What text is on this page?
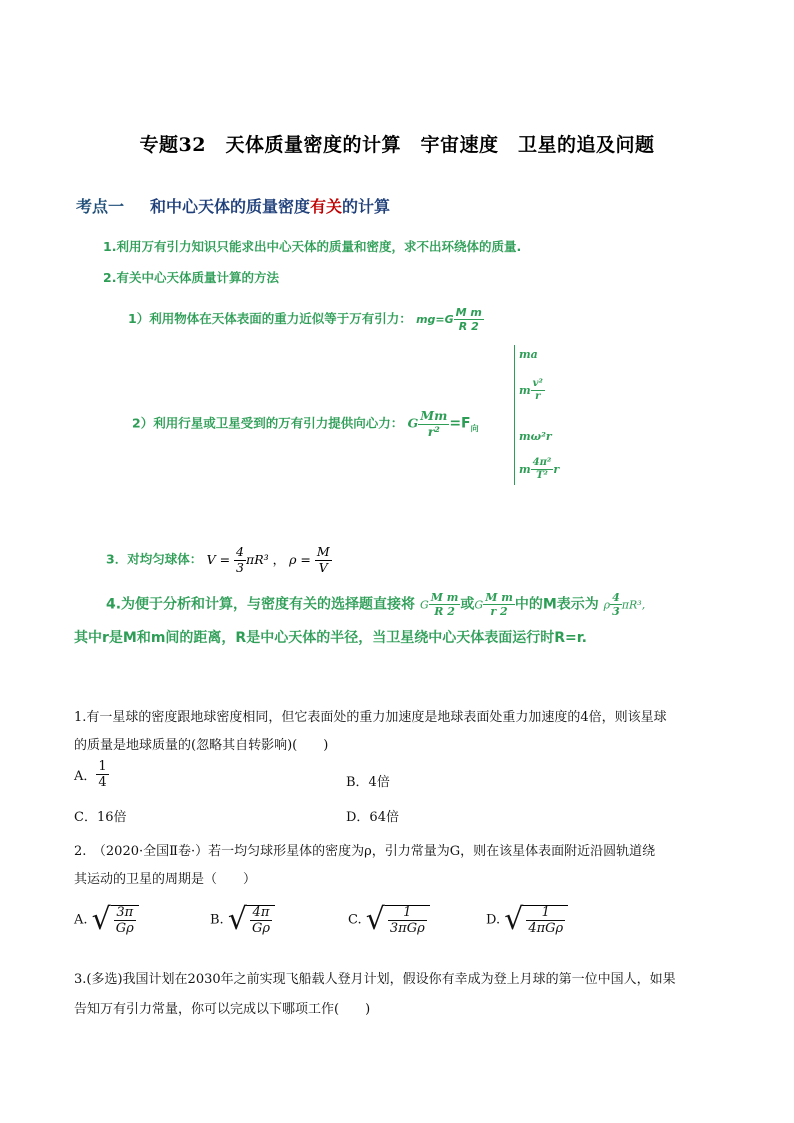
专题32　天体质量密度的计算　宇宙速度　卫星的追及问题
考点一 和中心天体的质量密度有关的计算
1.利用万有引力知识只能求出中心天体的质量和密度，求不出环绕体的质量.
2.有关中心天体质量计算的方法
1）利用物体在天体表面的重力近似等于万有引力： $mg=G \frac{\text{M m}}{R 2}$
2）利用行星或卫星受到的万有引力提供向心力： G $\frac{Mm}{\text{r²}} =F_向$
ma
m $\frac{\text{v²}}{r}$
mω²r
m $\frac{\text{4π²}}{\text{T²}}$ r
3．对均匀球体： $V = \frac{4}{3} \pi R^3$ ， $\rho = \frac{M}{V}$
4.为便于分析和计算，与密度有关的选择题直接将 G $\frac{\text{M m}}{R 2}$ 或G $\frac{\text{M m}}{r 2}$ 中的M表示为 ρ $\frac{4}{3} \pi R^3$,
其中r是M和m间的距离，R是中心天体的半径，当卫星绕中心天体表面运行时R=r.
1.有一星球的密度跟地球密度相同，但它表面处的重力加速度是地球表面处重力加速度的4倍，则该星球
的质量是地球质量的(忽略其自转影响)(　　)
A． $\frac{1}{4}$	B．4倍
C．16倍	D．64倍
2.　（2020·全国Ⅱ卷·）若一均匀球形星体的密度为ρ，引力常量为G，则在该星体表面附近沿圆轨道绕
其运动的卫星的周期是（　　）
A. √ $\frac{3\pi}{G\rho}$	B. √ $\frac{4\pi}{G\rho}$	C. √ $\frac{1}{\text{3πGρ}}$	D. √ $\frac{1}{\text{4πGρ}}$
3.(多选)我国计划在2030年之前实现飞船载人登月计划，假设你有幸成为登上月球的第一位中国人，如果
告知万有引力常量，你可以完成以下哪项工作(　　)
